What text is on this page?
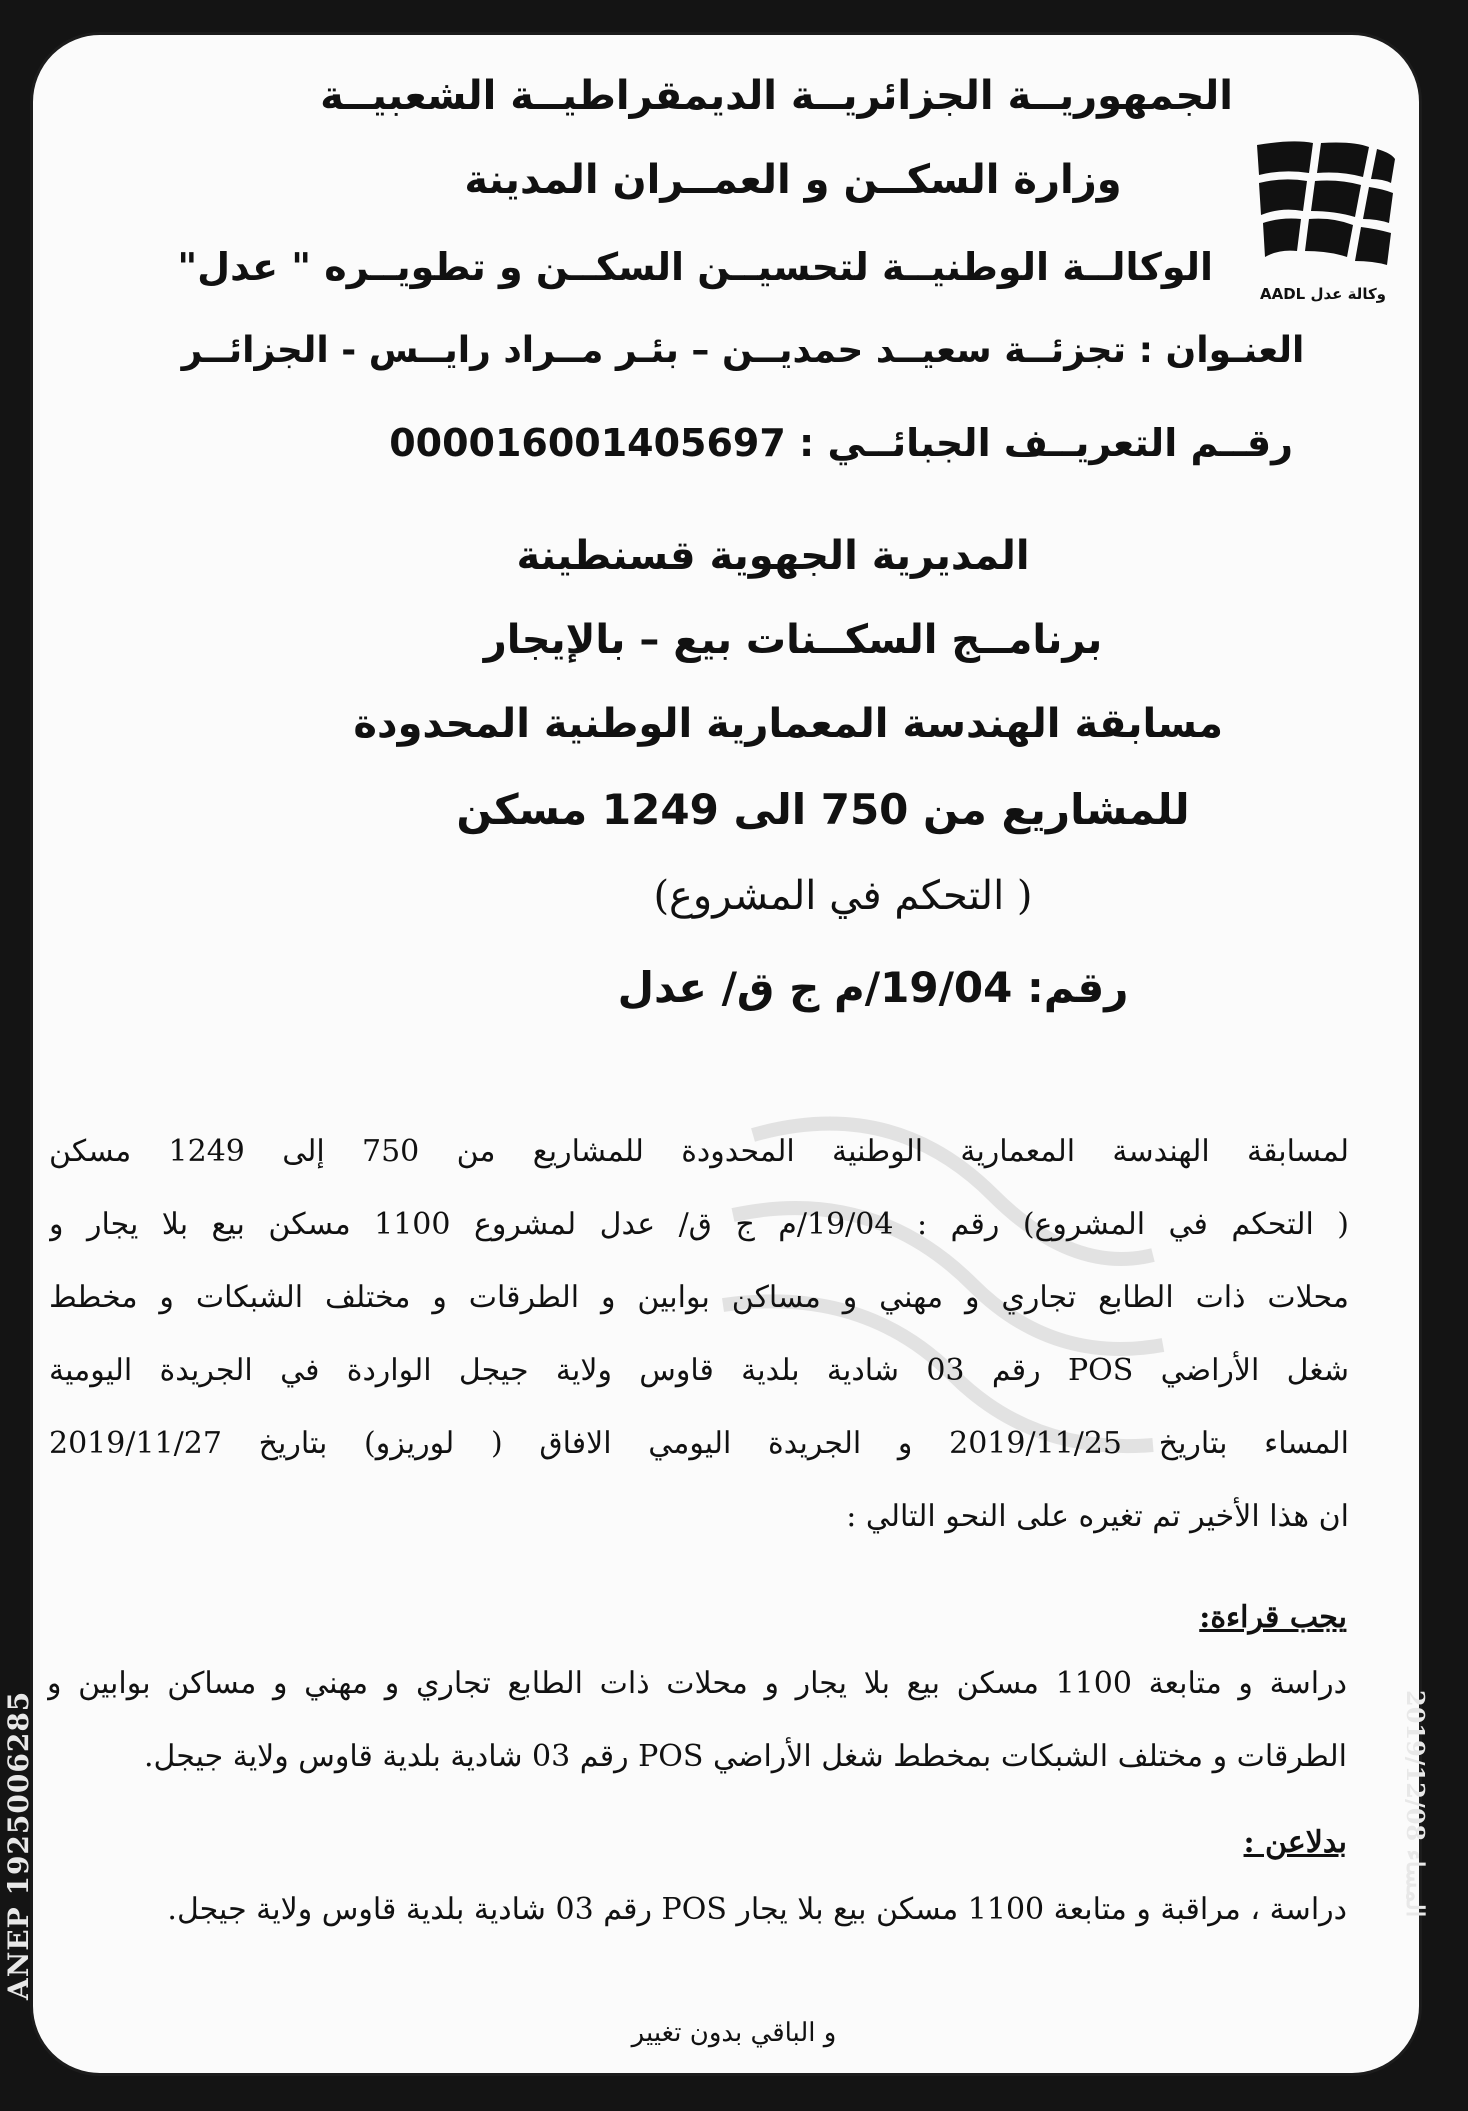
الجمهوريــة الجزائريــة الديمقراطيــة الشعبيــة
وزارة السكــن و العمــران المدينة
الوكالــة الوطنيــة لتحسيــن السكــن و تطويــره " عدل"
العنـوان : تجزئــة سعيــد حمديــن – بئـر مــراد رايــس - الجزائــر
رقــم التعريــف الجبائــي : 000016001405697
وكالة عدل AADL
المديرية الجهوية قسنطينة
برنامــج السكــنات بيع – بالإيجار
مسابقة الهندسة المعمارية الوطنية المحدودة
للمشاريع من 750 الى 1249 مسكن
( التحكم في المشروع)
رقم: 19/04/م ج ق/ عدل
لمسابقة الهندسة المعمارية الوطنية المحدودة للمشاريع من 750 إلى 1249 مسكن
( التحكم في المشروع) رقم : 19/04/م ج ق/ عدل لمشروع 1100 مسكن بيع بلا يجار و
محلات ذات الطابع تجاري و مهني و مساكن بوابين و الطرقات و مختلف الشبكات و مخطط
شغل الأراضي POS رقم 03 شادية بلدية قاوس ولاية جيجل الواردة في الجريدة اليومية
المساء بتاريخ 2019/11/25 و الجريدة اليومي الافاق ( لوريزو) بتاريخ 2019/11/27
ان هذا الأخير تم تغيره على النحو التالي :
يجب قراءة:
دراسة و متابعة 1100 مسكن بيع بلا يجار و محلات ذات الطابع تجاري و مهني و مساكن بوابين و
الطرقات و مختلف الشبكات بمخطط شغل الأراضي POS رقم 03 شادية بلدية قاوس ولاية جيجل.
بدلاعن :
دراسة ، مراقبة و متابعة 1100 مسكن بيع بلا يجار POS رقم 03 شادية بلدية قاوس ولاية جيجل.
و الباقي بدون تغيير
ANEP 1925006285	المساء 2019/12/08
